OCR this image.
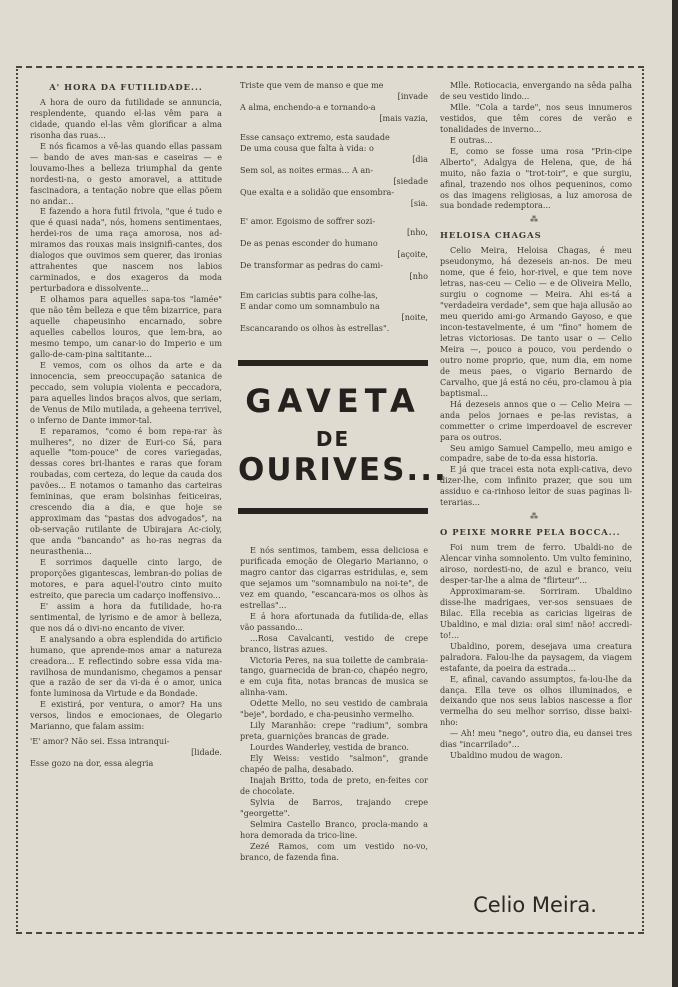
A' HORA DA FUTILIDADE...

A hora de ouro da futilidade se annuncia, resplendente, quando el-las vêm para a cidade, quando el-las vêm glorificar a alma risonha das ruas...

E nós ficamos a vê-las quando ellas passam — bando de aves man-sas e caseiras — e louvamo-lhes a belleza triumphal da gente nordesti-na, o gesto amoravel, a attitude fascinadora, a tentação nobre que ellas põem no andar...

E fazendo a hora futil frivola, "que é tudo e que é quasi nada", nós, homens sentimentaes, herdei-ros de uma raça amorosa, nos ad-miramos das rouxas mais insignifi-cantes, dos dialogos que ouvimos sem querer, das ironias attrahentes que nascem nos labios carminados, e dos exageros da moda perturbadora e dissolvente...

E olhamos para aquelles sapa-tos "lamée" que não têm belleza e que têm bizarrice, para aquelle chapeusinho encarnado, sobre aquelles cabellos louros, que lem-bra, ao mesmo tempo, um canar-io do Imperio e um gallo-de-cam-pina saltitante...

E vemos, com os olhos da arte e da innocencia, sem preoccupação satanica de peccado, sem volupia violenta e peccadora, para aquelles lindos braços alvos, que seriam, de Venus de Milo mutilada, a geheena terrivel, o inferno de Dante immor-tal.

E reparamos, "como é bom repa-rar às mulheres", no dizer de Euri-co Sá, para aquelle "tom-pouce" de cores variegadas, dessas cores bri-lhantes e raras que foram roubadas, com certeza, do leque da cauda dos pavões... E notamos o tamanho das carteiras femininas, que eram bolsinhas feiticeiras, crescendo dia a dia, e que hoje se approximam das "pastas dos advogados", na ob-servação rutilante de Ubirajara Ac-cioly, que anda "bancando" as ho-ras negras da neurasthenia...

E sorrimos daquelle cinto largo, de proporções gigantescas, lembran-do polias de motores, e para aquel-l'outro cinto muito estreito, que parecia um cadarço inoffensivo...

E' assim a hora da futilidade, ho-ra sentimental, de lyrismo e de amor à belleza, que nos dá o divi-no encanto de viver.

E analysando a obra esplendida do artificio humano, que aprende-mos amar a natureza creadora... E reflectindo sobre essa vida ma-ravilhosa de mundanismo, chegamos a pensar que a razão de ser da vi-da é o amor, unica fonte luminosa da Virtude e da Bondade.

E existirá, por ventura, o amor? Ha uns versos, lindos e emocionaes, de Olegario Marianno, que falam assim:

'E' amor? Não sei. Essa intranqui-

[lidade.

Esse gozo na dor, essa alegria

Triste que vem de manso e que me
[invade
A alma, enchendo-a e tornando-a
[mais vazia,
Esse cansaço extremo, esta saudade
De uma cousa que falta à vida: o
[dia
Sem sol, as noites ermas... A an-
[siedade
Que exalta e a solidão que ensombra-
[sia.
E' amor. Egoismo de soffrer sozi-
[nho,
De as penas esconder do humano
[açoite,
De transformar as pedras do cami-
[nho
Em caricias subtis para colhe-las,
E andar como um somnambulo na
[noite,
Escancarando os olhos às estrellas".
GAVETA
DE
OURIVES...

E nós sentimos, tambem, essa deliciosa e purificada emoção de Olegario Marianno, o magro cantor das cigarras estridulas, e, sem que sejamos um "somnambulo na noi-te", de vez em quando, "escancara-mos os olhos às estrellas"...

E á hora afortunada da futilida-de, ellas vão passando...

...Rosa Cavalcanti, vestido de crepe branco, listras azues.

Victoria Peres, na sua toilette de cambraia-tango, guarnecida de bran-co, chapéo negro, e em cuja fita, notas brancas de musica se alinha-vam.

Odette Mello, no seu vestido de cambraia "beje", bordado, e cha-peusinho vermelho.

Lily Maranhão: crepe "radium", sombra preta, guarnições brancas de grade.

Lourdes Wanderley, vestida de branco.

Ely Weiss: vestido "salmon", grande chapéo de palha, desabado.

Inajah Britto, toda de preto, en-feites cor de chocolate.

Sylvia de Barros, trajando crepe "georgette".

Selmira Castello Branco, procla-mando a hora demorada da trico-line.

Zezé Ramos, com um vestido no-vo, branco, de fazenda fina.

Mlle. Rotiocacia, envergando na sêda palha de seu vestido lindo...

Mlle. "Cola a tarde", nos seus innumeros vestidos, que têm cores de verão e tonalidades de inverno...

E outras...

E, como se fosse uma rosa "Prin-cipe Alberto", Adalgya de Helena, que, de há muito, não fazia o "trot-toir", e que surgiu, afinal, trazendo nos olhos pequeninos, como os das imagens religiosas, a luz amorosa de sua bondade redemptora...

⁂

HELOISA CHAGAS

Celio Meira, Heloisa Chagas, é meu pseudonymo, há dezeseis an-nos. De meu nome, que é feio, hor-rivel, e que tem nove letras, nas-ceu — Celio — e de Oliveira Mello, surgiu o cognome — Meira. Ahi es-tá a "verdadeira verdade", sem que haja allusão ao meu querido ami-go Armando Gayoso, e que incon-testavelmente, é um "fino" homem de letras victoriosas. De tanto usar o — Celio Meira —, pouco a pouco, vou perdendo o outro nome proprio, que, num dia, em nome de meus paes, o vigario Bernardo de Carvalho, que já está no céu, pro-clamou à pia baptismal...

Há dezeseis annos que o — Celio Meira — anda pelos jornaes e pe-las revistas, a commetter o crime imperdoavel de escrever para os outros.

Seu amigo Samuel Campello, meu amigo e compadre, sabe de to-da essa historia.

E já que tracei esta nota expli-cativa, devo dizer-lhe, com infinito prazer, que sou um assiduo e ca-rinhoso leitor de suas paginas li-terarias...

⁂

O PEIXE MORRE PELA BOCCA...

Foi num trem de ferro. Ubaldi-no de Alencar vinha somnolento. Um vulto feminino, airoso, nordesti-no, de azul e branco, veiu desper-tar-lhe a alma de "flirteur"...

Approximaram-se. Sorriram. Ubaldino disse-lhe madrigaes, ver-sos sensuaes de Bilac. Ella recebia as caricias ligeiras de Ubaldino, e mal dizia: oral sim! não! accredi-to!...

Ubaldino, porem, desejava uma creatura palradora. Falou-lhe da paysagem, da viagem estafante, da poeira da estrada...

E, afinal, cavando assumptos, fa-lou-lhe da dança. Ella teve os olhos illuminados, e deixando que nos seus labios nascesse a flor vermelha do seu melhor sorriso, disse baixi-nho:

— Ah! meu "nego", outro dia, eu dansei tres dias "incarrilado"...

Ubaldino mudou de wagon.

Celio Meira.
